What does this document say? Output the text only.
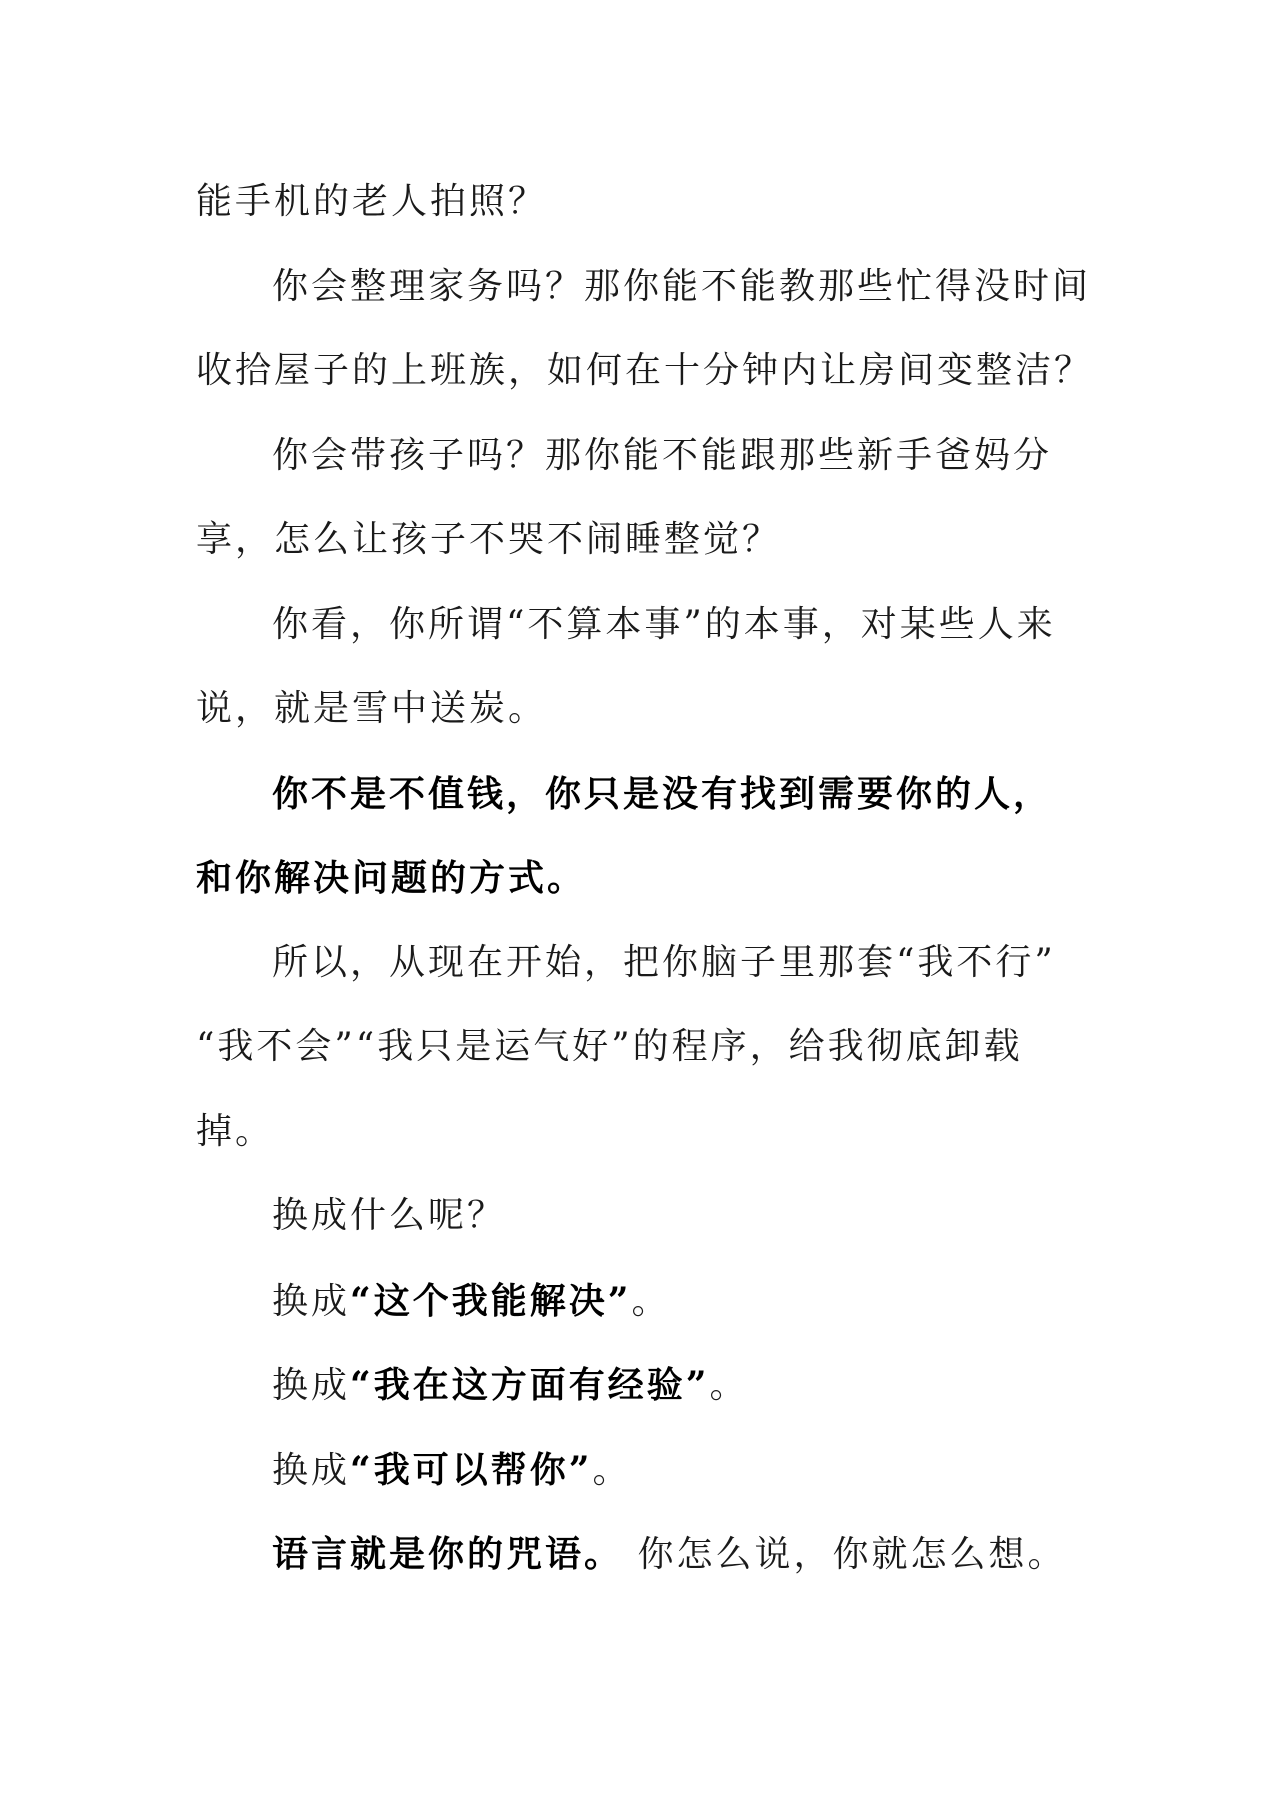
能手机的老人拍照？
你会整理家务吗？那你能不能教那些忙得没时间
收拾屋子的上班族，如何在十分钟内让房间变整洁？
你会带孩子吗？那你能不能跟那些新手爸妈分
享，怎么让孩子不哭不闹睡整觉？
你看，你所谓“不算本事”的本事，对某些人来
说，就是雪中送炭。
你不是不值钱，你只是没有找到需要你的人，
和你解决问题的方式。
所以，从现在开始，把你脑子里那套“我不行”
“我不会”“我只是运气好”的程序，给我彻底卸载
掉。
换成什么呢？
换成“这个我能解决”。
换成“我在这方面有经验”。
换成“我可以帮你”。
语言就是你的咒语。 你怎么说，你就怎么想。
